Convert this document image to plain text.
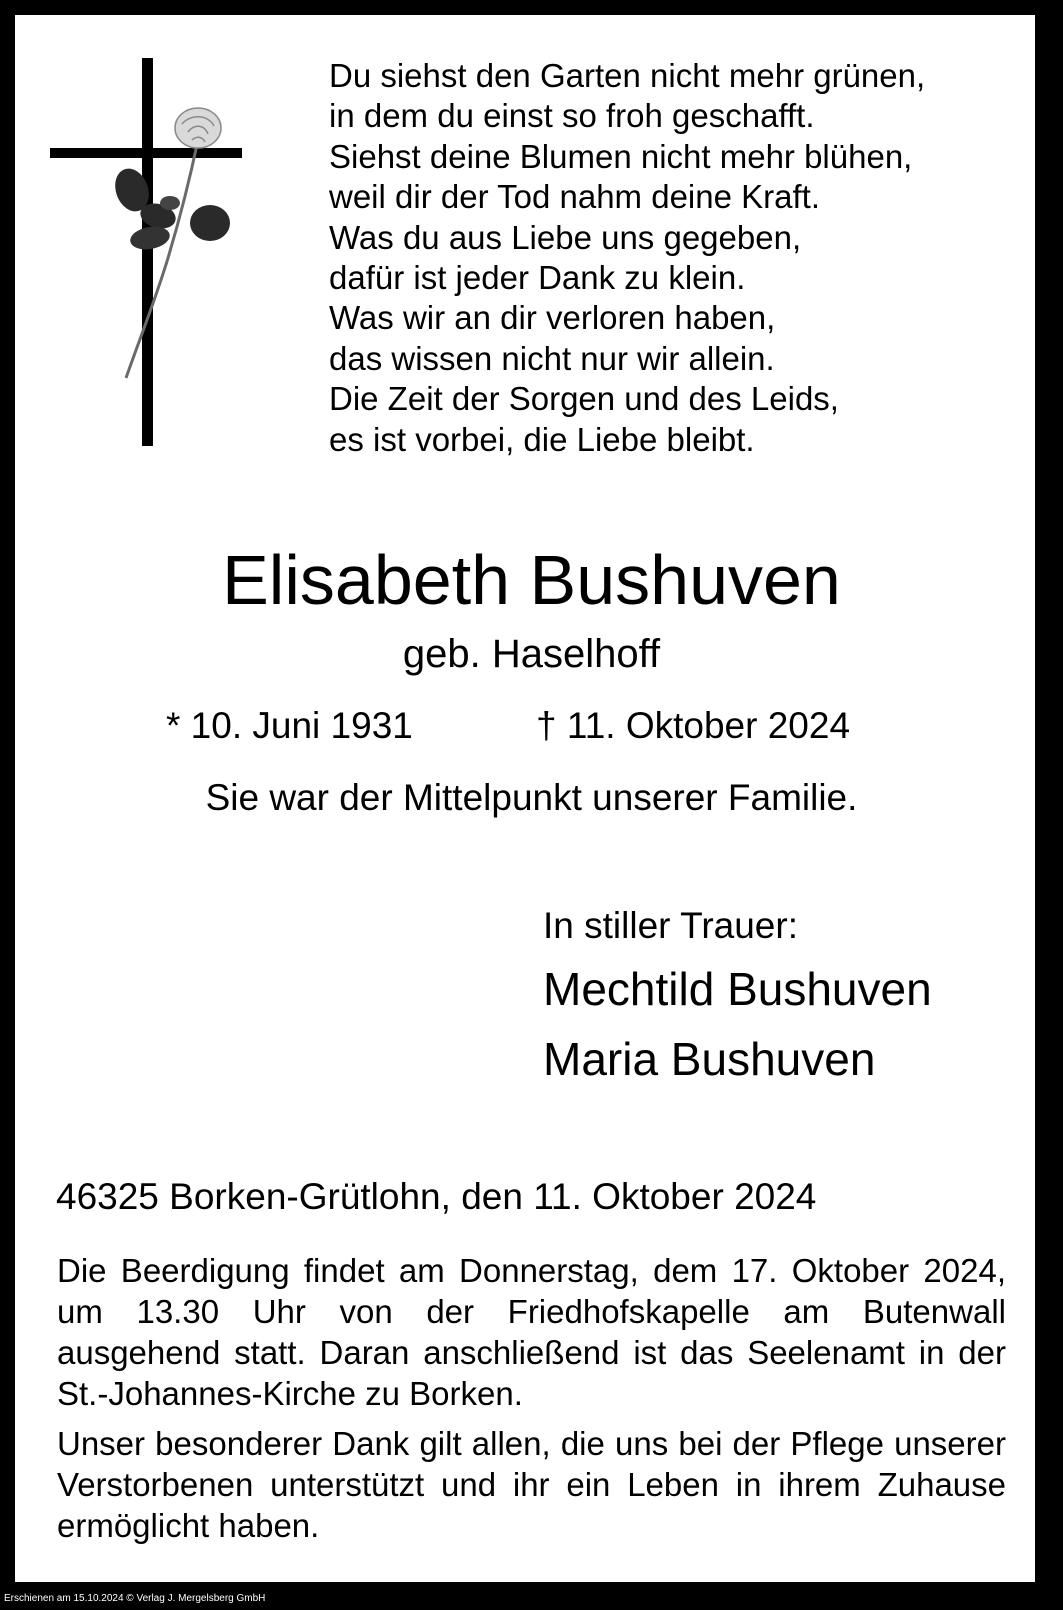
Du siehst den Garten nicht mehr grünen,
in dem du einst so froh geschafft.
Siehst deine Blumen nicht mehr blühen,
weil dir der Tod nahm deine Kraft.
Was du aus Liebe uns gegeben,
dafür ist jeder Dank zu klein.
Was wir an dir verloren haben,
das wissen nicht nur wir allein.
Die Zeit der Sorgen und des Leids,
es ist vorbei, die Liebe bleibt.
Elisabeth Bushuven
geb. Haselhoff
* 10. Juni 1931	† 11. Oktober 2024
Sie war der Mittelpunkt unserer Familie.
In stiller Trauer:
Mechtild Bushuven
Maria Bushuven
46325 Borken-Grütlohn, den 11. Oktober 2024
Die Beerdigung findet am Donnerstag, dem 17. Oktober 2024, um 13.30 Uhr von der Friedhofskapelle am Butenwall ausgehend statt. Daran anschließend ist das Seelenamt in der St.-Johannes-Kirche zu Borken.
Unser besonderer Dank gilt allen, die uns bei der Pflege unserer Verstorbenen unterstützt und ihr ein Leben in ihrem Zuhause ermöglicht haben.
Erschienen am 15.10.2024 © Verlag J. Mergelsberg GmbH
